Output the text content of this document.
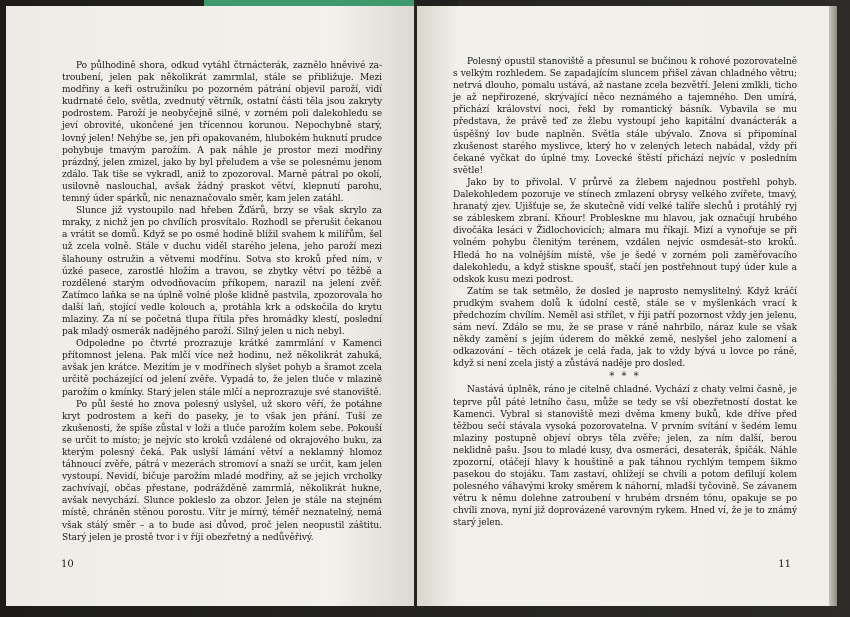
Po půlhodině shora, odkud vytáhl čtrnácterák, zaznělo hněvivé za-troubení, jelen pak několikrát zamrmlal, stále se přibližuje. Mezi modřiny a keři ostružiníku po pozorném pátrání objevil paroží, vidí kudrnaté čelo, světla, zvednutý větrník, ostatní části těla jsou zakryty podrostem. Paroží je neobyčejně silné, v zorném poli dalekohledu se jeví obrovité, ukončené jen třícennou korunou. Nepochybně starý, lovný jelen! Nehýbe se, jen při opakovaném, hlubokém huknutí prudce pohybuje tmavým parožím. A pak náhle je prostor mezi modřiny prázdný, jelen zmizel, jako by byl přeludem a vše se polesnému jenom zdálo. Tak tiše se vykradl, aniž to zpozoroval. Marně pátral po okolí, usilovně naslouchal, avšak žádný praskot větví, klepnutí parohu, temný úder spárků, nic nenaznačovalo směr, kam jelen zatáhl.

Slunce již vystoupilo nad hřeben Žďárů, brzy se však skrylo za mraky, z nichž jen po chvílích prosvítalo. Rozhodl se přerušit čekanou a vrátit se domů. Když se po osmé hodině blížil svahem k milířům, šel už zcela volně. Stále v duchu viděl starého jelena, jeho paroží mezi šlahouny ostružin a větvemi modřínu. Sotva sto kroků před ním, v úzké pasece, zarostlé hložím a travou, se zbytky větví po těžbě a rozdělené starým odvodňovacím příkopem, narazil na jelení zvěř. Zatímco laňka se na úplně volné ploše klidně pastvila, zpozorovala ho další laň, stojící vedle kolouch a, protáhla krk a odskočila do krytu mlaziny. Za ní se početná tlupa řítila přes hromádky klestí, poslední pak mladý osmerák nadějného paroží. Silný jelen u nich nebyl.

Odpoledne po čtvrté prozrazuje krátké zamrmlání v Kamenci přítomnost jelena. Pak mlčí více než hodinu, než několikrát zahuká, avšak jen krátce. Mezitím je v modřínech slyšet pohyb a šramot zcela určitě pocházející od jelení zvěře. Vypadá to, že jelen tluče v mlazině parožím o kmínky. Starý jelen stále mlčí a neprozrazuje své stanoviště.

Po půl šesté ho znova polesný uslyšel, už skoro věří, že potáhne kryt podrostem a keři do paseky, je to však jen přání. Tuší ze zkušenosti, že spíše zůstal v loži a tluče parožím kolem sebe. Pokouší se určit to místo; je nejvíc sto kroků vzdálené od okrajového buku, za kterým polesný čeká. Pak uslyší lámání větví a neklamný hlomoz táhnoucí zvěře, pátrá v mezerách stromoví a snaží se určit, kam jelen vystoupí. Nevidí, bičuje parožím mladé modřiny, až se jejich vrcholky zachvívají, občas přestane, podrážděně zamrmlá, několikrát hukne, avšak nevychází. Slunce pokleslo za obzor. Jelen je stále na stejném místě, chráněn stěnou porostu. Vítr je mírný, téměř neznatelný, nemá však stálý směr – a to bude asi důvod, proč jelen neopustil záštitu. Starý jelen je prostě tvor i v říji obezřetný a nedůvěřivý.

10

Polesný opustil stanoviště a přesunul se bučinou k rohové pozorovatelně s velkým rozhledem. Se zapadajícím sluncem přišel závan chladného větru; netrvá dlouho, pomalu ustává, až nastane zcela bezvětří. Jeleni zmlkli, ticho je až nepřirozené, skrývající něco neznámého a tajemného. Den umírá, přichází království noci, řekl by romantický básník. Vybavila se mu představa, že právě teď ze žlebu vystoupí jeho kapitální dvanácterák a úspěšný lov bude naplněn. Světla stále ubývalo. Znova si připomínal zkušenost starého myslivce, který ho v zelených letech nabádal, vždy při čekané vyčkat do úplné tmy. Lovecké štěstí přichází nejvíc v posledním světle!

Jako by to přivolal. V průrvě za žlebem najednou postřehl pohyb. Dalekohledem pozoruje ve stínech zmlazení obrysy velkého zvířete, tmavý, hranatý zjev. Ujišťuje se, že skutečně vidí velké talíře slechů i protáhlý ryj se zábleskem zbraní. Kňour! Probleskne mu hlavou, jak označují hrubého divočáka lesáci v Židlochovicích; almara mu říkají. Mizí a vynořuje se při volném pohybu členitým terénem, vzdálen nejvíc osmdesát–sto kroků. Hledá ho na volnějším místě, vše je šedé v zorném poli zaměřovacího dalekohledu, a když stiskne spoušť, stačí jen postřehnout tupý úder kule a odskok kusu mezi podrost.

Zatím se tak setmělo, že dosled je naprosto nemyslitelný. Když kráčí prudkým svahem dolů k údolní cestě, stále se v myšlenkách vrací k předchozím chvílím. Neměl asi střílet, v říji patří pozornost vždy jen jelenu, sám neví. Zdálo se mu, že se prase v ráně nahrbilo, náraz kule se však někdy zamění s jejím úderem do měkké země, neslyšel jeho zalomení a odkazování – těch otázek je celá řada, jak to vždy bývá u lovce po ráně, když si není zcela jistý a zůstává naděje pro dosled.

* * *

Nastává úplněk, ráno je citelně chladné. Vychází z chaty velmi časně, je teprve půl páté letního času, může se tedy se vší obezřetností dostat ke Kamenci. Vybral si stanoviště mezi dvěma kmeny buků, kde dříve před těžbou sečí stávala vysoká pozorovatelna. V prvním svítání v šedém lemu mlaziny postupně objeví obrys těla zvěře; jelen, za ním další, berou neklidně pašu. Jsou to mladé kusy, dva osmeráci, desaterák, špičák. Náhle zpozorní, otáčejí hlavy k houštině a pak táhnou rychlým tempem šikmo pasekou do stojáku. Tam zastaví, ohlížejí se chvíli a potom defilují kolem polesného váhavými kroky směrem k náhorní, mladší tyčovině. Se závanem větru k němu dolehne zatroubení v hrubém drsném tónu, opakuje se po chvíli znova, nyní již doprovázené varovným rykem. Hned ví, že je to známý starý jelen.

11
